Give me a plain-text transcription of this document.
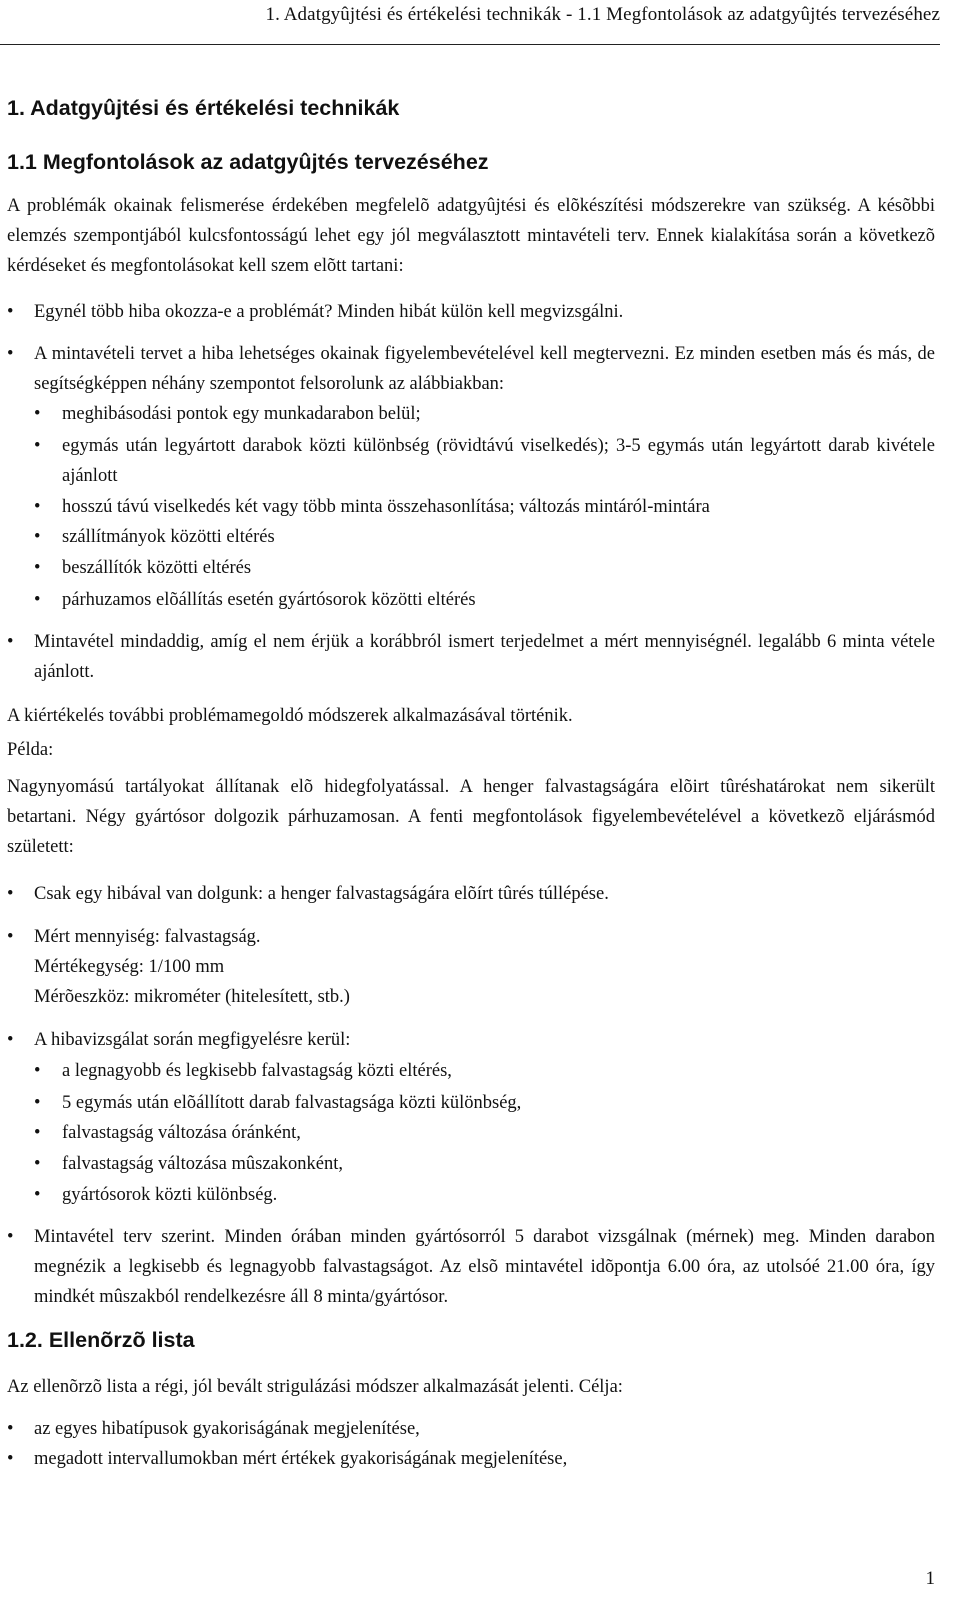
1. Adatgyûjtési és értékelési technikák - 1.1 Megfontolások az adatgyûjtés tervezéséhez
1. Adatgyûjtési és értékelési technikák
1.1 Megfontolások az adatgyûjtés tervezéséhez

A problémák okainak felismerése érdekében megfelelõ adatgyûjtési és elõkészítési módszerekre van szükség. A késõbbi elemzés szempontjából kulcsfontosságú lehet egy jól megválasztott mintavételi terv. Ennek kialakítása során a következõ kérdéseket és megfontolásokat kell szem elõtt tartani:

•	Egynél több hiba okozza-e a problémát? Minden hibát külön kell megvizsgálni.
•	A mintavételi tervet a hiba lehetséges okainak figyelembevételével kell megtervezni. Ez minden esetben más és más, de segítségképpen néhány szempontot felsorolunk az alábbiakban:
•	meghibásodási pontok egy munkadarabon belül;
•	egymás után legyártott darabok közti különbség (rövidtávú viselkedés); 3-5 egymás után legyártott darab kivétele ajánlott
•	hosszú távú viselkedés két vagy több minta összehasonlítása; változás mintáról-mintára
•	szállítmányok közötti eltérés
•	beszállítók közötti eltérés
•	párhuzamos elõállítás esetén gyártósorok közötti eltérés
•	Mintavétel mindaddig, amíg el nem érjük a korábbról ismert terjedelmet a mért mennyiségnél. legalább 6 minta vétele ajánlott.
A kiértékelés további problémamegoldó módszerek alkalmazásával történik.
Példa:
Nagynyomású tartályokat állítanak elõ hidegfolyatással. A henger falvastagságára elõirt tûréshatárokat nem sikerült betartani. Négy gyártósor dolgozik párhuzamosan. A fenti megfontolások figyelembevételével a következõ eljárásmód született:
•	Csak egy hibával van dolgunk: a henger falvastagságára elõírt tûrés túllépése.
•	Mért mennyiség: falvastagság.
Mértékegység: 1/100 mm
Mérõeszköz: mikrométer (hitelesített, stb.)
•	A hibavizsgálat során megfigyelésre kerül:
•	a legnagyobb és legkisebb falvastagság közti eltérés,
•	5 egymás után elõállított darab falvastagsága közti különbség,
•	falvastagság változása óránként,
•	falvastagság változása mûszakonként,
•	gyártósorok közti különbség.
•	Mintavétel terv szerint. Minden órában minden gyártósorról 5 darabot vizsgálnak (mérnek) meg. Minden darabon megnézik a legkisebb és legnagyobb falvastagságot. Az elsõ mintavétel idõpontja 6.00 óra, az utolsóé 21.00 óra, így mindkét mûszakból rendelkezésre áll 8 minta/gyártósor.
1.2. Ellenõrzõ lista
Az ellenõrzõ lista a régi, jól bevált strigulázási módszer alkalmazását jelenti. Célja:
•	az egyes hibatípusok gyakoriságának megjelenítése,
•	megadott intervallumokban mért értékek gyakoriságának megjelenítése,
1
